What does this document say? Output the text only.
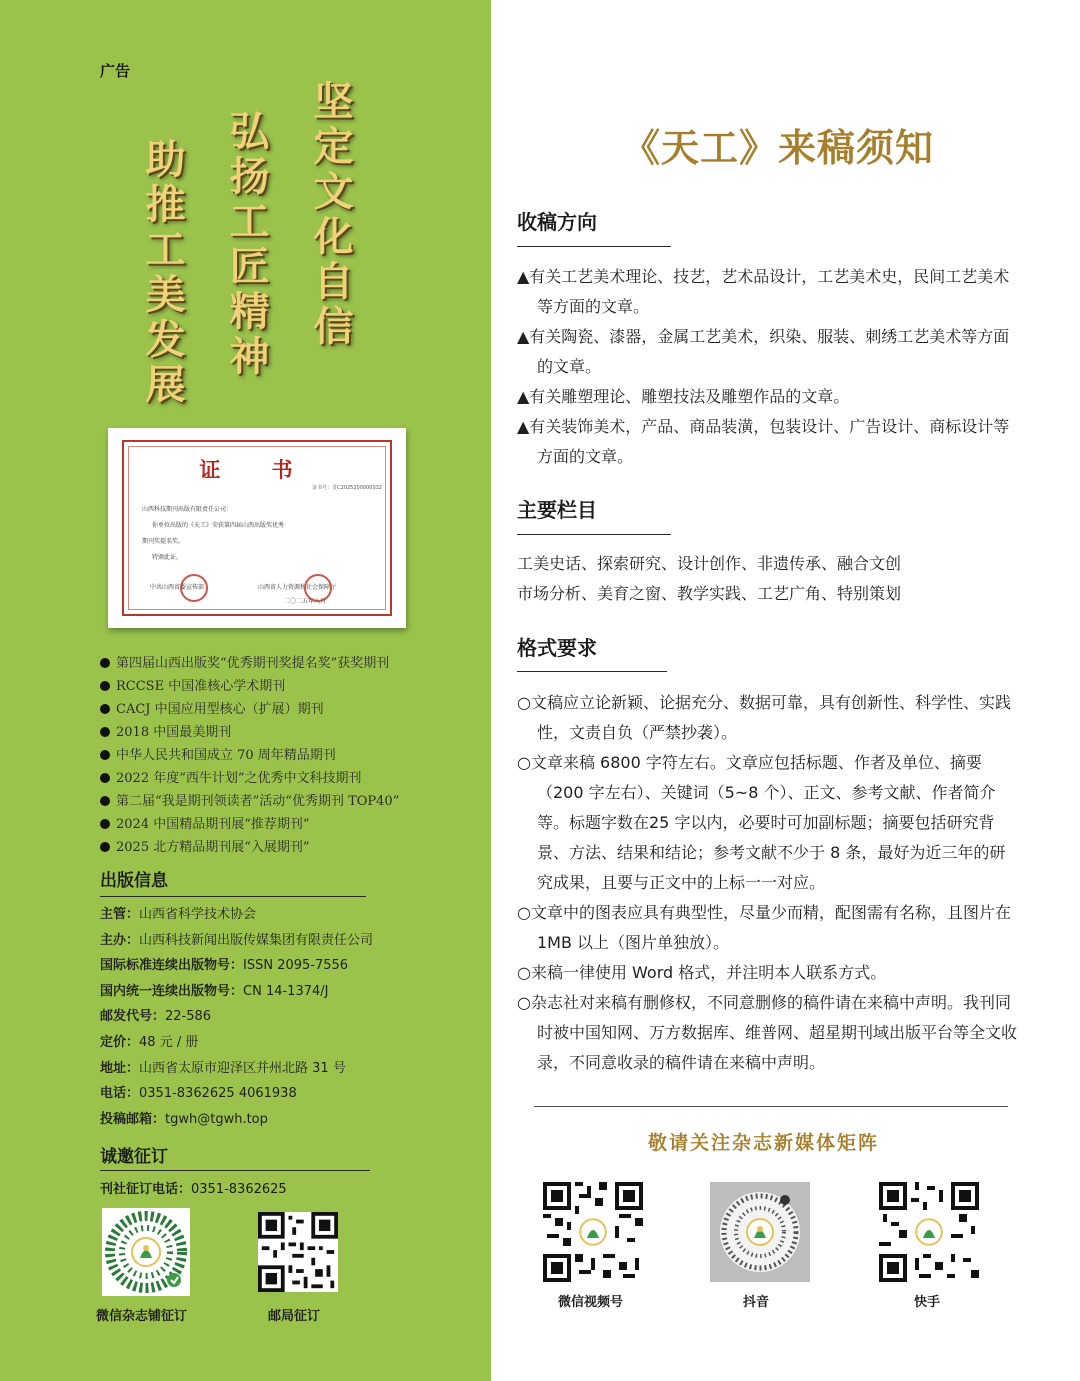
广告
坚定文化自信
弘扬工匠精神
助推工美发展
证 书
证书号：晋C2025200000032
山西科技期刊出版有限责任公司：
你单位出版的《天工》荣获第四届山西出版奖优秀
期刊奖提名奖。
特颁此证。
中共山西省委宣传部	山西省人力资源和社会保障厅
二〇二五年八月
第四届山西出版奖“优秀期刊奖提名奖”获奖期刊
RCCSE 中国准核心学术期刊
CACJ 中国应用型核心（扩展）期刊
2018 中国最美期刊
中华人民共和国成立 70 周年精品期刊
2022 年度“西牛计划”之优秀中文科技期刊
第二届“我是期刊领读者”活动“优秀期刊 TOP40”
2024 中国精品期刊展“推荐期刊”
2025 北方精品期刊展“入展期刊”
出版信息
主管：山西省科学技术协会
主办：山西科技新闻出版传媒集团有限责任公司
国际标准连续出版物号：ISSN 2095-7556
国内统一连续出版物号：CN 14-1374/J
邮发代号：22-586
定价：48 元 / 册
地址：山西省太原市迎泽区并州北路 31 号
电话：0351-8362625 4061938
投稿邮箱：tgwh@tgwh.top
诚邀征订
刊社征订电话：0351-8362625
微信杂志铺征订	邮局征订
《天工》来稿须知
收稿方向
▲有关工艺美术理论、技艺，艺术品设计，工艺美术史，民间工艺美术等方面的文章。
▲有关陶瓷、漆器，金属工艺美术，织染、服装、刺绣工艺美术等方面的文章。
▲有关雕塑理论、雕塑技法及雕塑作品的文章。
▲有关装饰美术，产品、商品装潢，包装设计、广告设计、商标设计等方面的文章。
主要栏目
工美史话、探索研究、设计创作、非遗传承、融合文创
市场分析、美育之窗、教学实践、工艺广角、特别策划
格式要求
○文稿应立论新颖、论据充分、数据可靠，具有创新性、科学性、实践性，文责自负（严禁抄袭）。
○文章来稿 6800 字符左右。文章应包括标题、作者及单位、摘要（200 字左右）、关键词（5~8 个）、正文、参考文献、作者简介等。标题字数在25 字以内，必要时可加副标题；摘要包括研究背景、方法、结果和结论；参考文献不少于 8 条，最好为近三年的研究成果，且要与正文中的上标一一对应。
○文章中的图表应具有典型性，尽量少而精，配图需有名称，且图片在 1MB 以上（图片单独放）。
○来稿一律使用 Word 格式，并注明本人联系方式。
○杂志社对来稿有删修权，不同意删修的稿件请在来稿中声明。我刊同时被中国知网、万方数据库、维普网、超星期刊域出版平台等全文收录，不同意收录的稿件请在来稿中声明。
敬请关注杂志新媒体矩阵
微信视频号	抖音	快手
